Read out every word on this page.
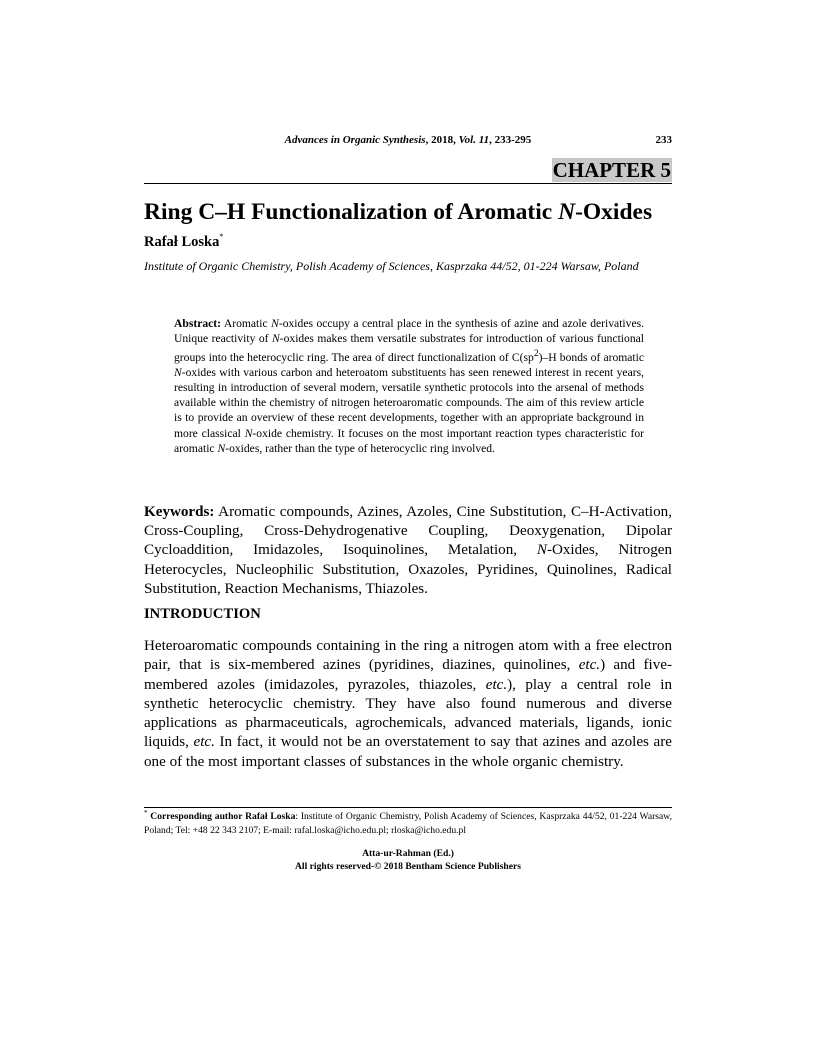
Advances in Organic Synthesis, 2018, Vol. 11, 233-295	233
CHAPTER 5
Ring C–H Functionalization of Aromatic N-Oxides
Rafał Loska*
Institute of Organic Chemistry, Polish Academy of Sciences, Kasprzaka 44/52, 01-224 Warsaw, Poland
Abstract: Aromatic N-oxides occupy a central place in the synthesis of azine and azole derivatives. Unique reactivity of N-oxides makes them versatile substrates for introduction of various functional groups into the heterocyclic ring. The area of direct functionalization of $C(sp^2)-H$ bonds of aromatic N-oxides with various carbon and heteroatom substituents has seen renewed interest in recent years, resulting in introduction of several modern, versatile synthetic protocols into the arsenal of methods available within the chemistry of nitrogen heteroaromatic compounds. The aim of this review article is to provide an overview of these recent developments, together with an appropriate background in more classical N-oxide chemistry. It focuses on the most important reaction types characteristic for aromatic N-oxides, rather than the type of heterocyclic ring involved.
Keywords: Aromatic compounds, Azines, Azoles, Cine Substitution, C–H-Activation, Cross-Coupling, Cross-Dehydrogenative Coupling, Deoxygenation, Dipolar Cycloaddition, Imidazoles, Isoquinolines, Metalation, N-Oxides, Nitrogen Heterocycles, Nucleophilic Substitution, Oxazoles, Pyridines, Quinolines, Radical Substitution, Reaction Mechanisms, Thiazoles.
INTRODUCTION
Heteroaromatic compounds containing in the ring a nitrogen atom with a free electron pair, that is six-membered azines (pyridines, diazines, quinolines, etc.) and five-membered azoles (imidazoles, pyrazoles, thiazoles, etc.), play a central role in synthetic heterocyclic chemistry. They have also found numerous and diverse applications as pharmaceuticals, agrochemicals, advanced materials, ligands, ionic liquids, etc. In fact, it would not be an overstatement to say that azines and azoles are one of the most important classes of substances in the whole organic chemistry.
* Corresponding author Rafał Loska: Institute of Organic Chemistry, Polish Academy of Sciences, Kasprzaka 44/52, 01-224 Warsaw, Poland; Tel: +48 22 343 2107; E-mail: rafal.loska@icho.edu.pl; rloska@icho.edu.pl
Atta-ur-Rahman (Ed.)
All rights reserved-© 2018 Bentham Science Publishers
